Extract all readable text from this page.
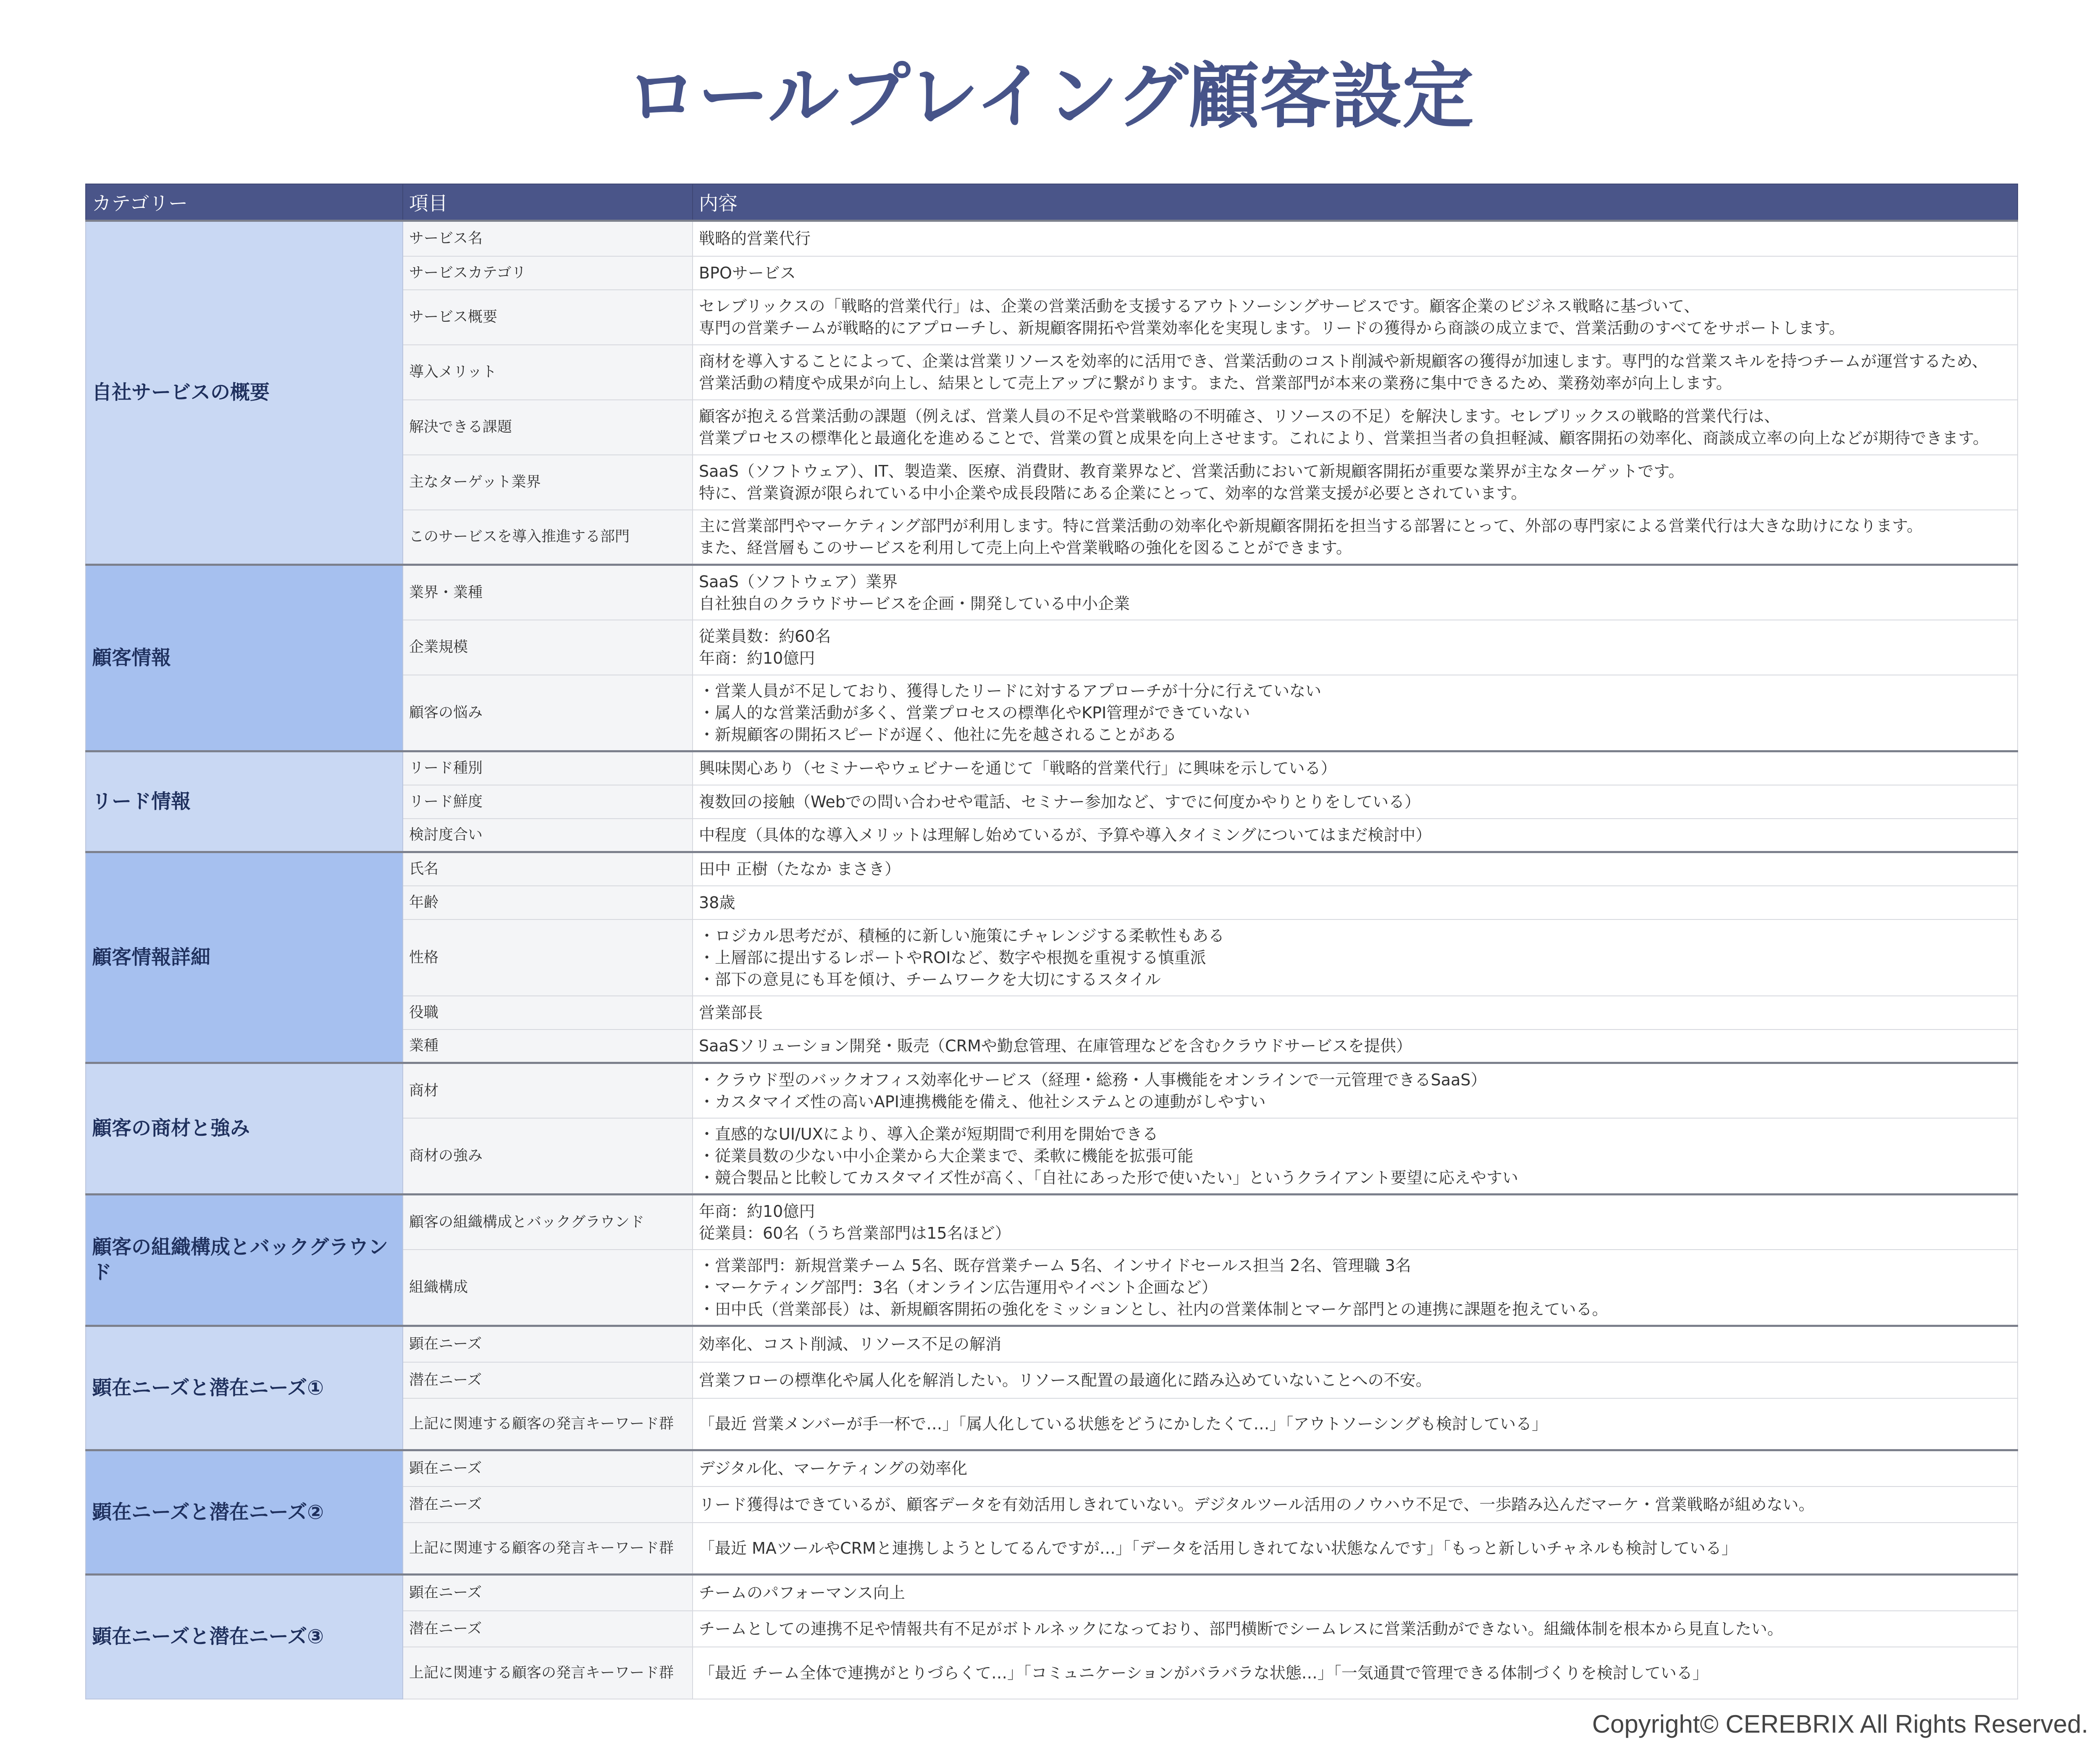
ロールプレイング顧客設定
カテゴリー	項目	内容
自社サービスの概要	サービス名	戦略的営業代行

	サービスカテゴリ	BPOサービス

	サービス概要	セレブリックスの「戦略的営業代行」は、企業の営業活動を支援するアウトソーシングサービスです。顧客企業のビジネス戦略に基づいて、
専門の営業チームが戦略的にアプローチし、新規顧客開拓や営業効率化を実現します。リードの獲得から商談の成立まで、営業活動のすべてをサポートします。

	導入メリット	商材を導入することによって、企業は営業リソースを効率的に活用でき、営業活動のコスト削減や新規顧客の獲得が加速します。専門的な営業スキルを持つチームが運営するため、
営業活動の精度や成果が向上し、結果として売上アップに繋がります。また、営業部門が本来の業務に集中できるため、業務効率が向上します。

	解決できる課題	顧客が抱える営業活動の課題（例えば、営業人員の不足や営業戦略の不明確さ、リソースの不足）を解決します。セレブリックスの戦略的営業代行は、
営業プロセスの標準化と最適化を進めることで、営業の質と成果を向上させます。これにより、営業担当者の負担軽減、顧客開拓の効率化、商談成立率の向上などが期待できます。

	主なターゲット業界	SaaS（ソフトウェア）、IT、製造業、医療、消費財、教育業界など、営業活動において新規顧客開拓が重要な業界が主なターゲットです。
特に、営業資源が限られている中小企業や成長段階にある企業にとって、効率的な営業支援が必要とされています。

	このサービスを導入推進する部門	主に営業部門やマーケティング部門が利用します。特に営業活動の効率化や新規顧客開拓を担当する部署にとって、外部の専門家による営業代行は大きな助けになります。
また、経営層もこのサービスを利用して売上向上や営業戦略の強化を図ることができます。

顧客情報	業界・業種	SaaS（ソフトウェア）業界
自社独自のクラウドサービスを企画・開発している中小企業

	企業規模	従業員数：約60名
年商：約10億円

	顧客の悩み	・営業人員が不足しており、獲得したリードに対するアプローチが十分に行えていない
・属人的な営業活動が多く、営業プロセスの標準化やKPI管理ができていない
・新規顧客の開拓スピードが遅く、他社に先を越されることがある

リード情報	リード種別	興味関心あり（セミナーやウェビナーを通じて「戦略的営業代行」に興味を示している）

	リード鮮度	複数回の接触（Webでの問い合わせや電話、セミナー参加など、すでに何度かやりとりをしている）

	検討度合い	中程度（具体的な導入メリットは理解し始めているが、予算や導入タイミングについてはまだ検討中）

顧客情報詳細	氏名	田中 正樹（たなか まさき）

	年齢	38歳

	性格	・ロジカル思考だが、積極的に新しい施策にチャレンジする柔軟性もある
・上層部に提出するレポートやROIなど、数字や根拠を重視する慎重派
・部下の意見にも耳を傾け、チームワークを大切にするスタイル

	役職	営業部長

	業種	SaaSソリューション開発・販売（CRMや勤怠管理、在庫管理などを含むクラウドサービスを提供）

顧客の商材と強み	商材	・クラウド型のバックオフィス効率化サービス（経理・総務・人事機能をオンラインで一元管理できるSaaS）
・カスタマイズ性の高いAPI連携機能を備え、他社システムとの連動がしやすい

	商材の強み	・直感的なUI/UXにより、導入企業が短期間で利用を開始できる
・従業員数の少ない中小企業から大企業まで、柔軟に機能を拡張可能
・競合製品と比較してカスタマイズ性が高く、「自社にあった形で使いたい」というクライアント要望に応えやすい

顧客の組織構成とバックグラウンド	顧客の組織構成とバックグラウンド	年商：約10億円
従業員：60名（うち営業部門は15名ほど）

	組織構成	・営業部門：新規営業チーム 5名、既存営業チーム 5名、インサイドセールス担当 2名、管理職 3名
・マーケティング部門：3名（オンライン広告運用やイベント企画など）
・田中氏（営業部長）は、新規顧客開拓の強化をミッションとし、社内の営業体制とマーケ部門との連携に課題を抱えている。

顕在ニーズと潜在ニーズ①	顕在ニーズ	効率化、コスト削減、リソース不足の解消

	潜在ニーズ	営業フローの標準化や属人化を解消したい。リソース配置の最適化に踏み込めていないことへの不安。

	上記に関連する顧客の発言キーワード群	「最近 営業メンバーが手一杯で…」「属人化している状態をどうにかしたくて…」「アウトソーシングも検討している」

顕在ニーズと潜在ニーズ②	顕在ニーズ	デジタル化、マーケティングの効率化

	潜在ニーズ	リード獲得はできているが、顧客データを有効活用しきれていない。デジタルツール活用のノウハウ不足で、一歩踏み込んだマーケ・営業戦略が組めない。

	上記に関連する顧客の発言キーワード群	「最近 MAツールやCRMと連携しようとしてるんですが…」「データを活用しきれてない状態なんです」「もっと新しいチャネルも検討している」

顕在ニーズと潜在ニーズ③	顕在ニーズ	チームのパフォーマンス向上

	潜在ニーズ	チームとしての連携不足や情報共有不足がボトルネックになっており、部門横断でシームレスに営業活動ができない。組織体制を根本から見直したい。

	上記に関連する顧客の発言キーワード群	「最近 チーム全体で連携がとりづらくて…」「コミュニケーションがバラバラな状態…」「一気通貫で管理できる体制づくりを検討している」
Copyright© CEREBRIX All Rights Reserved.
